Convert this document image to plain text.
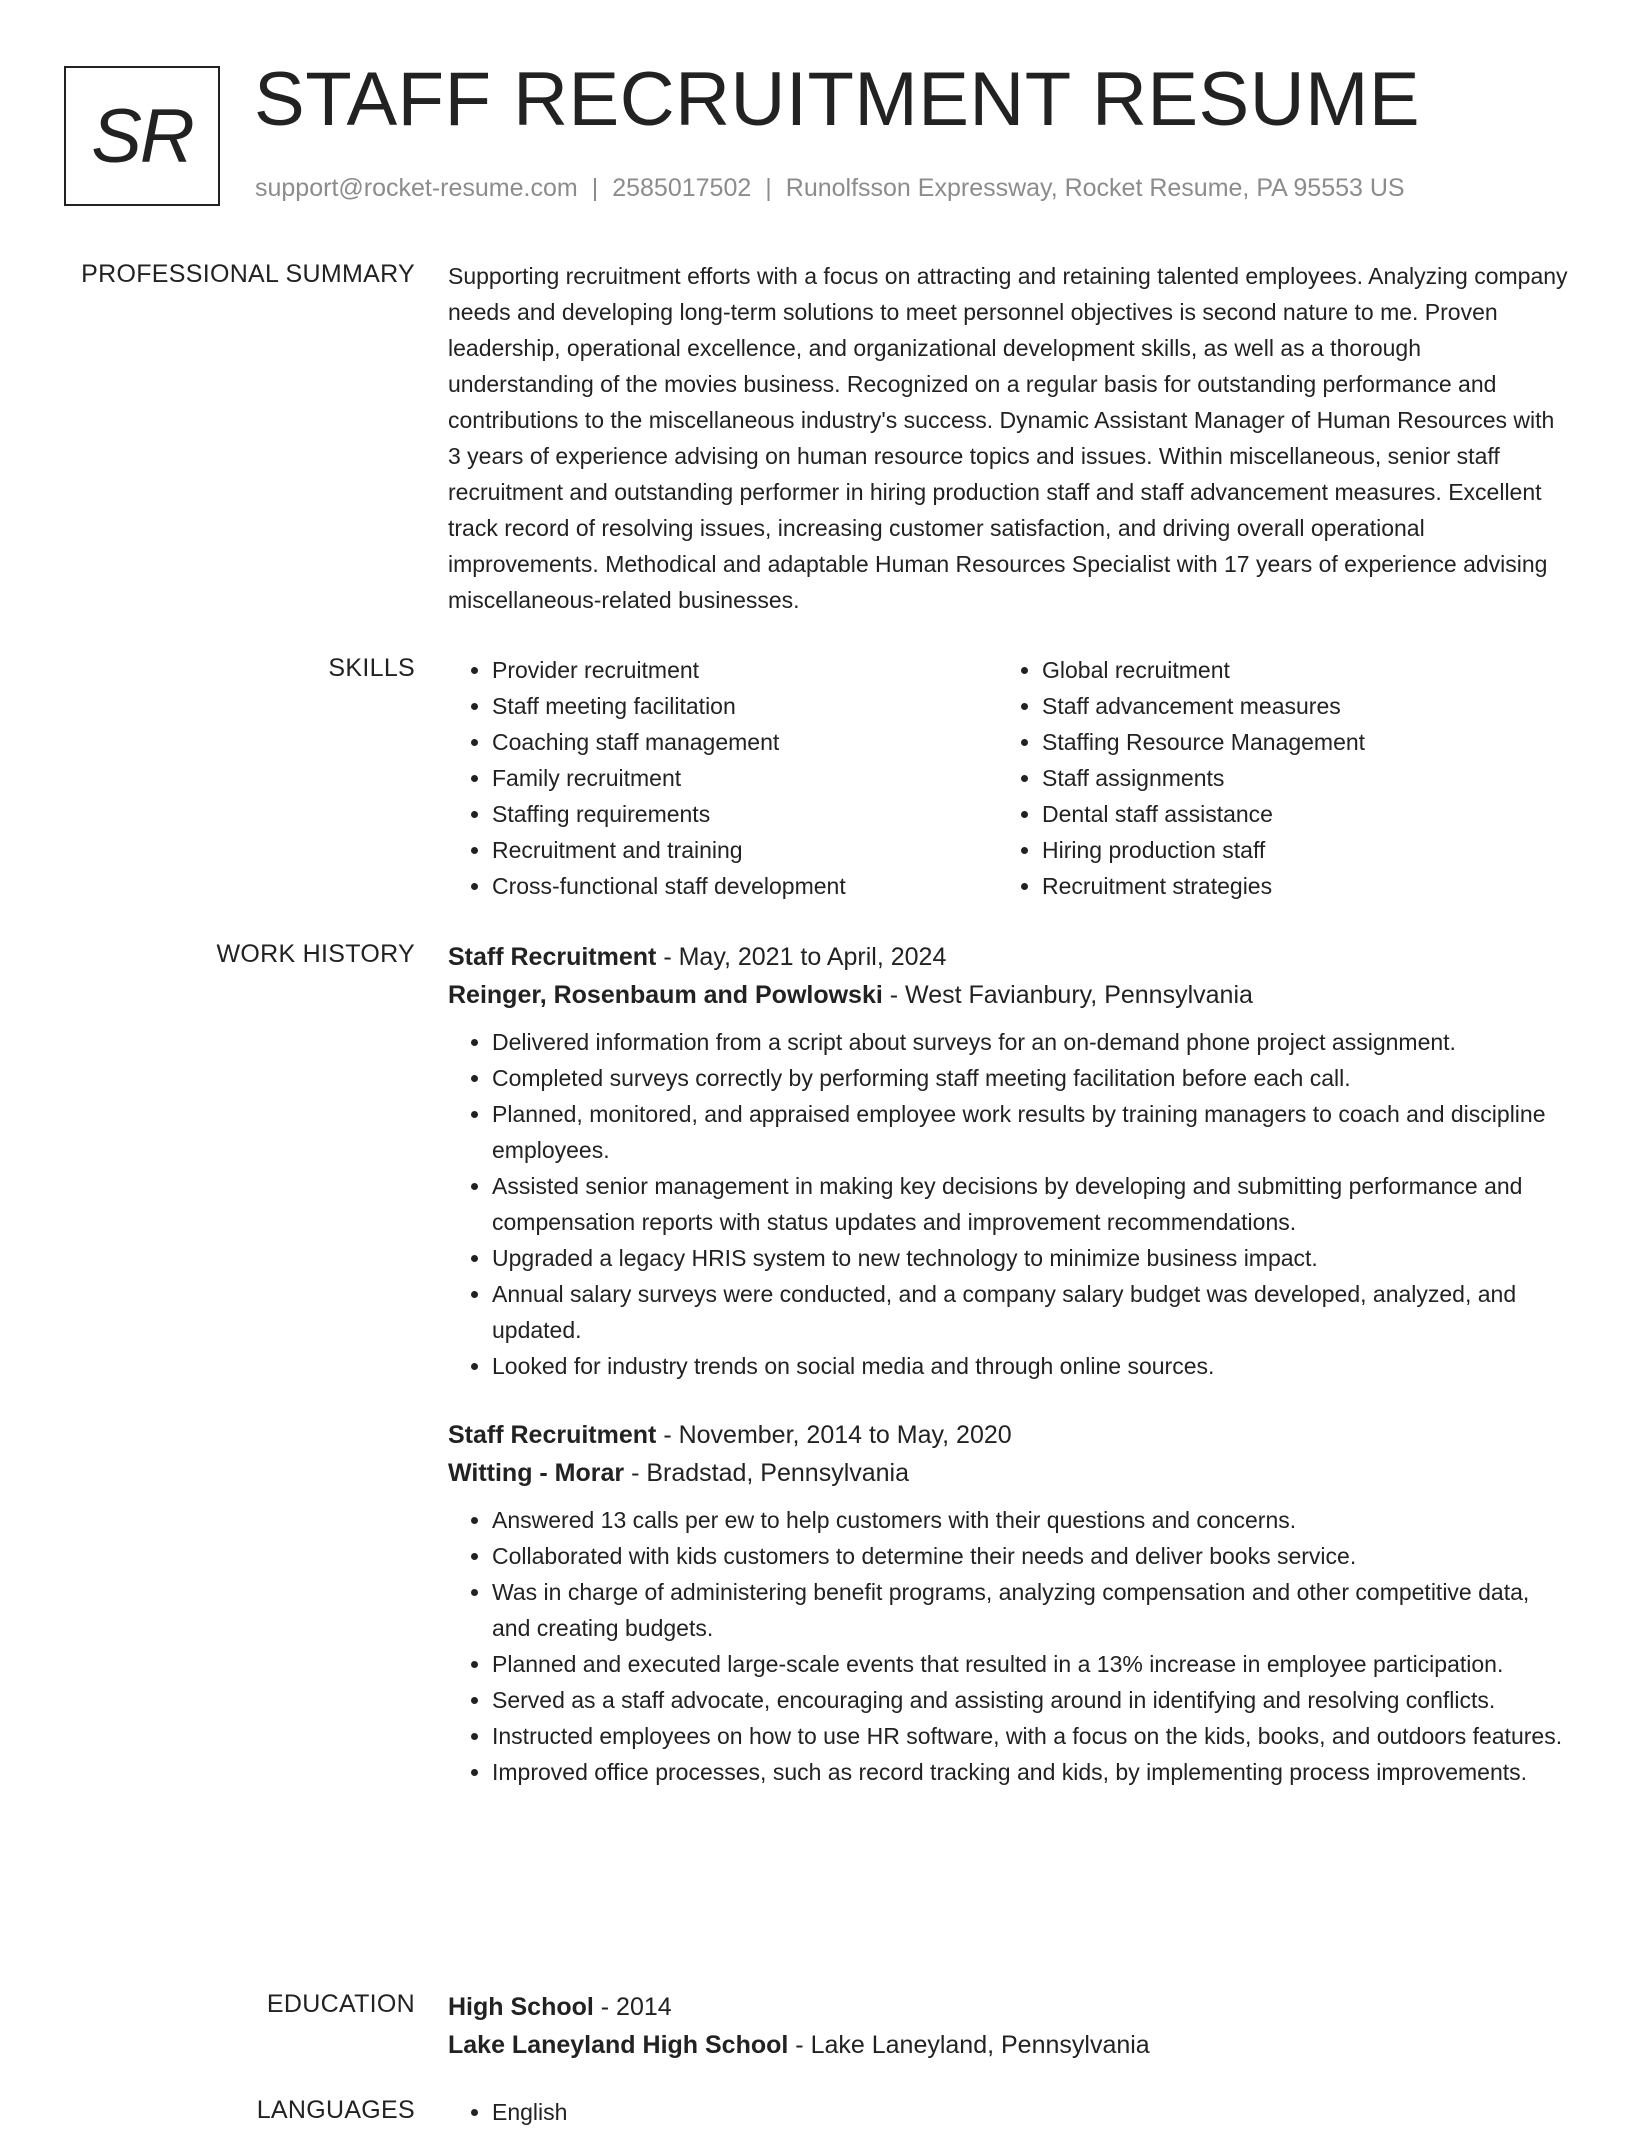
SR STAFF RECRUITMENT RESUME
support@rocket-resume.com | 2585017502 | Runolfsson Expressway, Rocket Resume, PA 95553 US
PROFESSIONAL SUMMARY Supporting recruitment efforts with a focus on attracting and retaining talented employees. Analyzing company needs and developing long-term solutions to meet personnel objectives is second nature to me. Proven leadership, operational excellence, and organizational development skills, as well as a thorough understanding of the movies business. Recognized on a regular basis for outstanding performance and contributions to the miscellaneous industry's success. Dynamic Assistant Manager of Human Resources with 3 years of experience advising on human resource topics and issues. Within miscellaneous, senior staff recruitment and outstanding performer in hiring production staff and staff advancement measures. Excellent track record of resolving issues, increasing customer satisfaction, and driving overall operational improvements. Methodical and adaptable Human Resources Specialist with 17 years of experience advising miscellaneous-related businesses.

SKILLS	• Provider recruitment
• Staff meeting facilitation
• Coaching staff management
• Family recruitment
• Staffing requirements
• Recruitment and training
• Cross-functional staff development
• Global recruitment
• Staff advancement measures
• Staffing Resource Management
• Staff assignments
• Dental staff assistance
• Hiring production staff
• Recruitment strategies
WORK HISTORY Staff Recruitment - May, 2021 to April, 2024

Reinger, Rosenbaum and Powlowski - West Favianbury, Pennsylvania

• Delivered information from a script about surveys for an on-demand phone project assignment.
• Completed surveys correctly by performing staff meeting facilitation before each call.
• Planned, monitored, and appraised employee work results by training managers to coach and discipline employees.
• Assisted senior management in making key decisions by developing and submitting performance and compensation reports with status updates and improvement recommendations.
• Upgraded a legacy HRIS system to new technology to minimize business impact.
• Annual salary surveys were conducted, and a company salary budget was developed, analyzed, and updated.
• Looked for industry trends on social media and through online sources.

Staff Recruitment - November, 2014 to May, 2020

Witting - Morar - Bradstad, Pennsylvania

• Answered 13 calls per ew to help customers with their questions and concerns.
• Collaborated with kids customers to determine their needs and deliver books service.
• Was in charge of administering benefit programs, analyzing compensation and other competitive data, and creating budgets.
• Planned and executed large-scale events that resulted in a 13% increase in employee participation.
• Served as a staff advocate, encouraging and assisting around in identifying and resolving conflicts.
• Instructed employees on how to use HR software, with a focus on the kids, books, and outdoors features.
• Improved office processes, such as record tracking and kids, by implementing process improvements.
EDUCATION High School - 2014

Lake Laneyland High School - Lake Laneyland, Pennsylvania

LANGUAGES	• English
